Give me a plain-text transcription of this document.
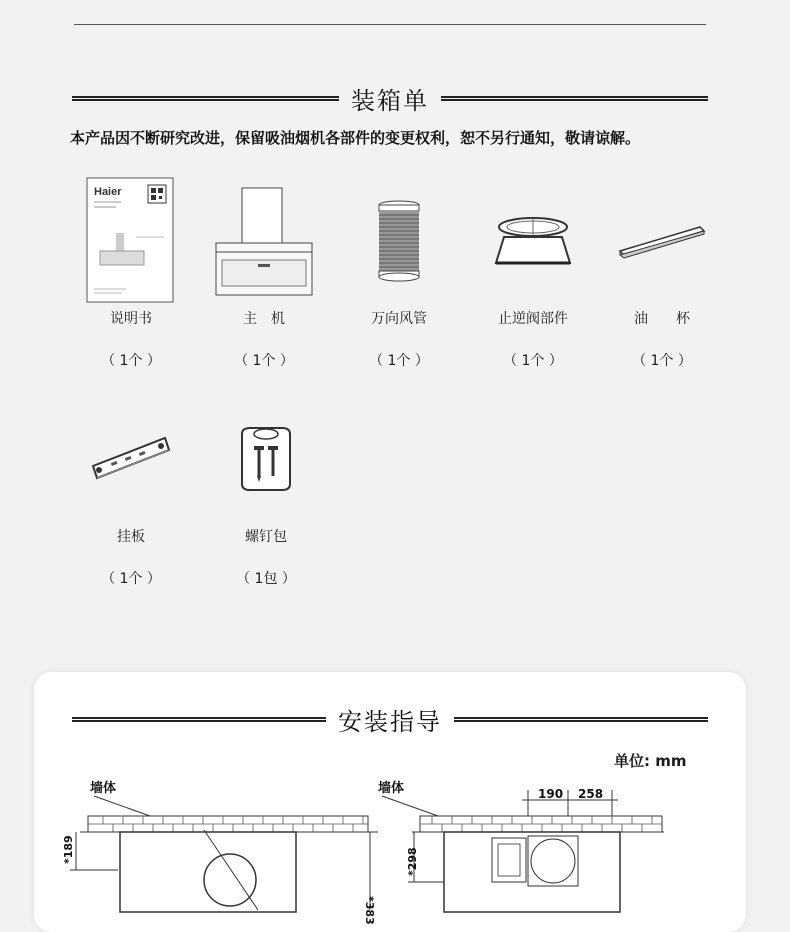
装箱单
本产品因不断研究改进，保留吸油烟机各部件的变更权利，恕不另行通知，敬请谅解。
Haier
说明书
（ 1个 ）
主　机
（ 1个 ）
万向风管
（ 1个 ）
止逆阀部件
（ 1个 ）
油　　杯
（ 1个 ）
挂板
（ 1个 ）
螺钉包
（ 1包 ）
安装指导
单位: mm
墙体
*189
*383
墙体	190 258
*298
